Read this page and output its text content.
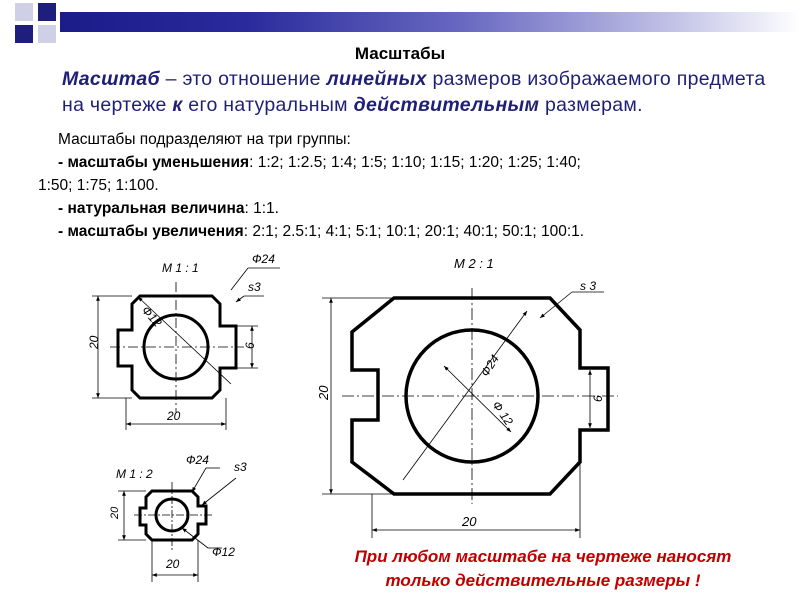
Масштабы
Масштаб – это отношение линейных размеров изображаемого предмета на чертеже к его натуральным действительным размерам.

Масштабы подразделяют на три группы:

- масштабы уменьшения: 1:2; 1:2.5; 1:4; 1:5; 1:10; 1:15; 1:20; 1:25; 1:40;

1:50; 1:75; 1:100.

- натуральная величина: 1:1.

- масштабы увеличения: 2:1; 2.5:1; 4:1; 5:1; 10:1; 20:1; 40:1; 50:1; 100:1.

М 1 : 1
Ф24
s3
Ф12
20	6
20
М 2 : 1
s 3
Ф24
Ф 12
20	6
20
М 1 : 2
Ф24 s3
Ф12
20
20	При любом масштабе на чертеже наносят
только действительные размеры !
